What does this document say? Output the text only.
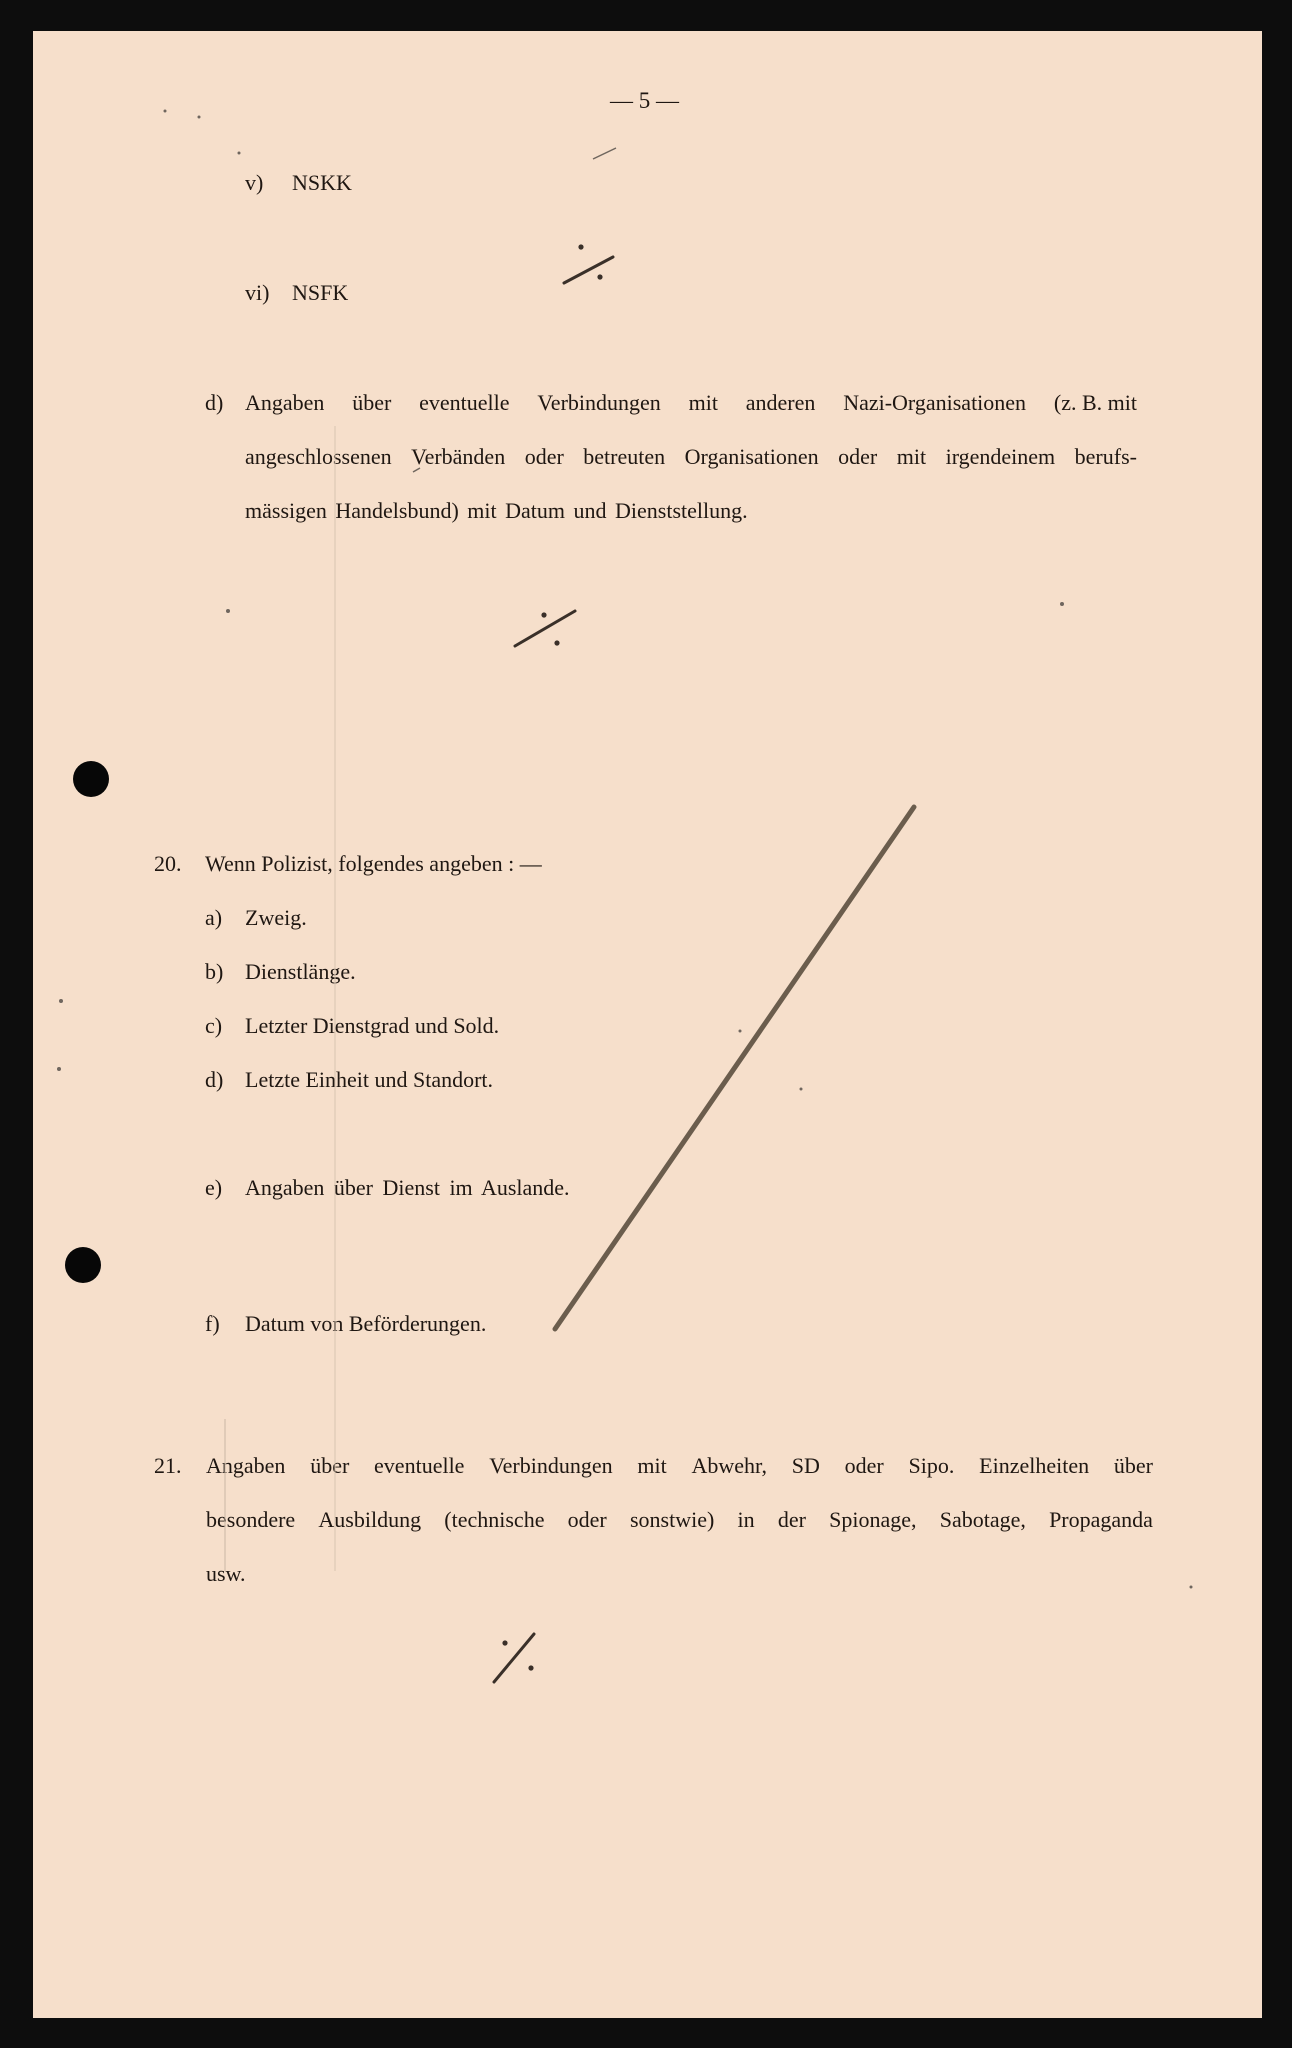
— 5 —

v) NSKK

vi) NSFK

d) Angaben über eventuelle Verbindungen mit anderen Nazi-Organisationen (z. B. mit
angeschlossenen Verbänden oder betreuten Organisationen oder mit irgendeinem berufs-

mässigen Handelsbund) mit Datum und Dienststellung.

20. Wenn Polizist, folgendes angeben : —

a) Zweig.

b) Dienstlänge.

c) Letzter Dienstgrad und Sold.

d) Letzte Einheit und Standort.

e) Angaben über Dienst im Auslande.

f) Datum von Beförderungen.

21. Angaben über eventuelle Verbindungen mit Abwehr, SD oder Sipo. Einzelheiten über
besondere Ausbildung (technische oder sonstwie) in der Spionage, Sabotage, Propaganda

usw.
